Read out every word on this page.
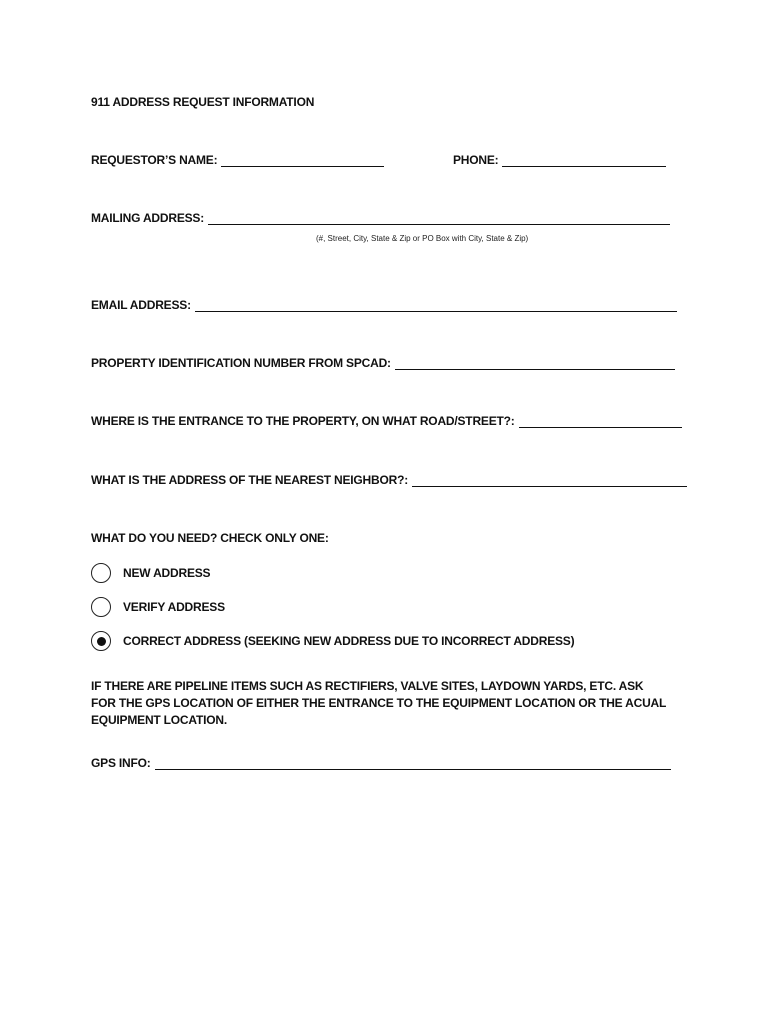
911 ADDRESS REQUEST INFORMATION
REQUESTOR’S NAME:	PHONE:
MAILING ADDRESS:
(#, Street, City, State & Zip or PO Box with City, State & Zip)
EMAIL ADDRESS:
PROPERTY IDENTIFICATION NUMBER FROM SPCAD:
WHERE IS THE ENTRANCE TO THE PROPERTY, ON WHAT ROAD/STREET?:
WHAT IS THE ADDRESS OF THE NEAREST NEIGHBOR?:
WHAT DO YOU NEED? CHECK ONLY ONE:
NEW ADDRESS
VERIFY ADDRESS
CORRECT ADDRESS (SEEKING NEW ADDRESS DUE TO INCORRECT ADDRESS)
IF THERE ARE PIPELINE ITEMS SUCH AS RECTIFIERS, VALVE SITES, LAYDOWN YARDS, ETC. ASK FOR THE GPS LOCATION OF EITHER THE ENTRANCE TO THE EQUIPMENT LOCATION OR THE ACUAL EQUIPMENT LOCATION.
GPS INFO:
